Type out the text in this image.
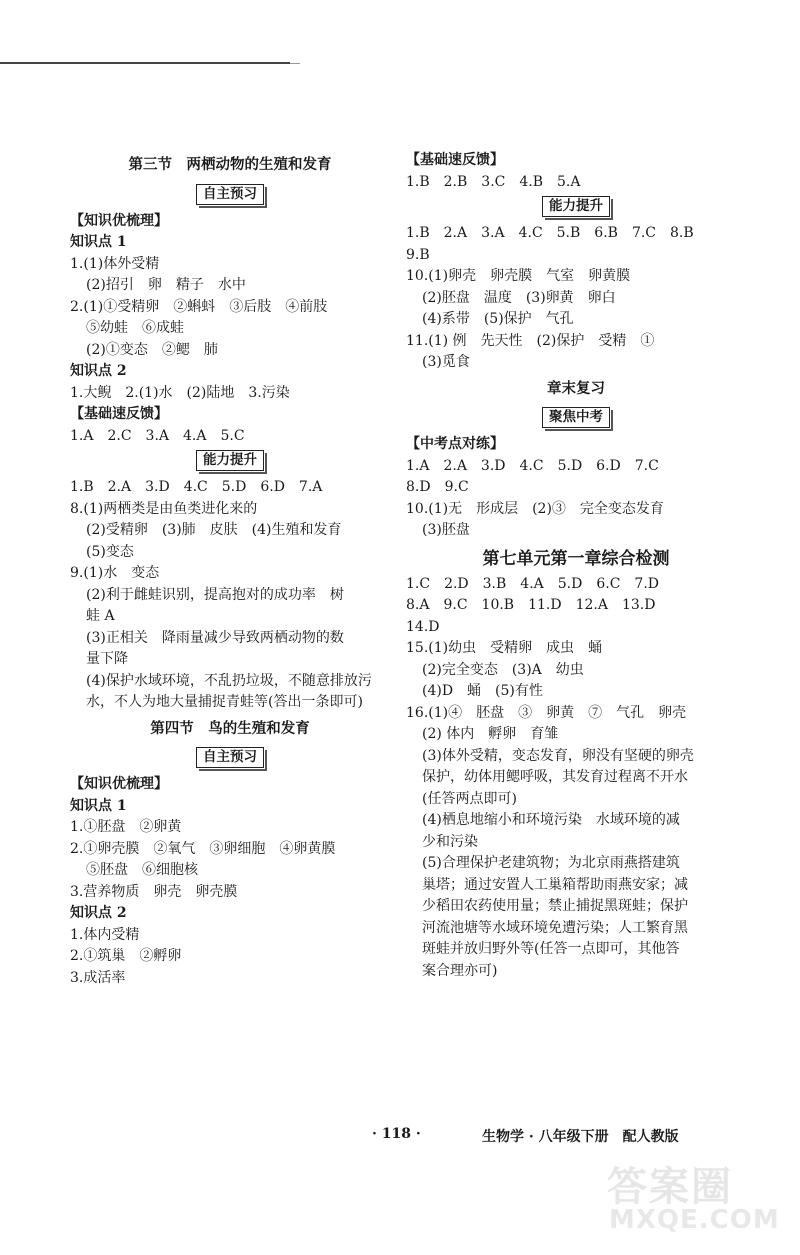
第三节　两栖动物的生殖和发育
自主预习
【知识优梳理】
知识点 1
1.(1)体外受精
(2)招引　卵　精子　水中
2.(1)①受精卵　②蝌蚪　③后肢　④前肢
⑤幼蛙　⑥成蛙
(2)①变态　②鳃　肺
知识点 2
1.大鲵　2.(1)水　(2)陆地　3.污染
【基础速反馈】
1.A　2.C　3.A　4.A　5.C
能力提升
1.B　2.A　3.D　4.C　5.D　6.D　7.A
8.(1)两栖类是由鱼类进化来的
(2)受精卵　(3)肺　皮肤　(4)生殖和发育
(5)变态
9.(1)水　变态
(2)利于雌蛙识别，提高抱对的成功率　树
蛙 A
(3)正相关　降雨量减少导致两栖动物的数
量下降
(4)保护水域环境，不乱扔垃圾，不随意排放污
水，不人为地大量捕捉青蛙等(答出一条即可)
第四节　鸟的生殖和发育
自主预习
【知识优梳理】
知识点 1
1.①胚盘　②卵黄
2.①卵壳膜　②氧气　③卵细胞　④卵黄膜
⑤胚盘　⑥细胞核
3.营养物质　卵壳　卵壳膜
知识点 2
1.体内受精
2.①筑巢　②孵卵
3.成活率
【基础速反馈】
1.B　2.B　3.C　4.B　5.A
能力提升
1.B　2.A　3.A　4.C　5.B　6.B　7.C　8.B
9.B
10.(1)卵壳　卵壳膜　气室　卵黄膜
(2)胚盘　温度　(3)卵黄　卵白
(4)系带　(5)保护　气孔
11.(1) 例　先天性　(2)保护　受精　①
(3)觅食
章末复习
聚焦中考
【中考点对练】
1.A　2.A　3.D　4.C　5.D　6.D　7.C
8.D　9.C
10.(1)无　形成层　(2)③　完全变态发育
(3)胚盘
第七单元第一章综合检测
1.C　2.D　3.B　4.A　5.D　6.C　7.D
8.A　9.C　10.B　11.D　12.A　13.D
14.D
15.(1)幼虫　受精卵　成虫　蛹
(2)完全变态　(3)A　幼虫
(4)D　蛹　(5)有性
16.(1)④　胚盘　③　卵黄　⑦　气孔　卵壳
(2) 体内　孵卵　育雏
(3)体外受精，变态发育，卵没有坚硬的卵壳
保护，幼体用鳃呼吸，其发育过程离不开水
(任答两点即可)
(4)栖息地缩小和环境污染　水域环境的减
少和污染
(5)合理保护老建筑物；为北京雨燕搭建筑
巢塔；通过安置人工巢箱帮助雨燕安家；减
少稻田农药使用量；禁止捕捉黑斑蛙；保护
河流池塘等水域环境免遭污染；人工繁育黑
斑蛙并放归野外等(任答一点即可，其他答
案合理亦可)
· 118 ·	生物学 · 八年级下册　配人教版
答案圈
MXQE.COM
